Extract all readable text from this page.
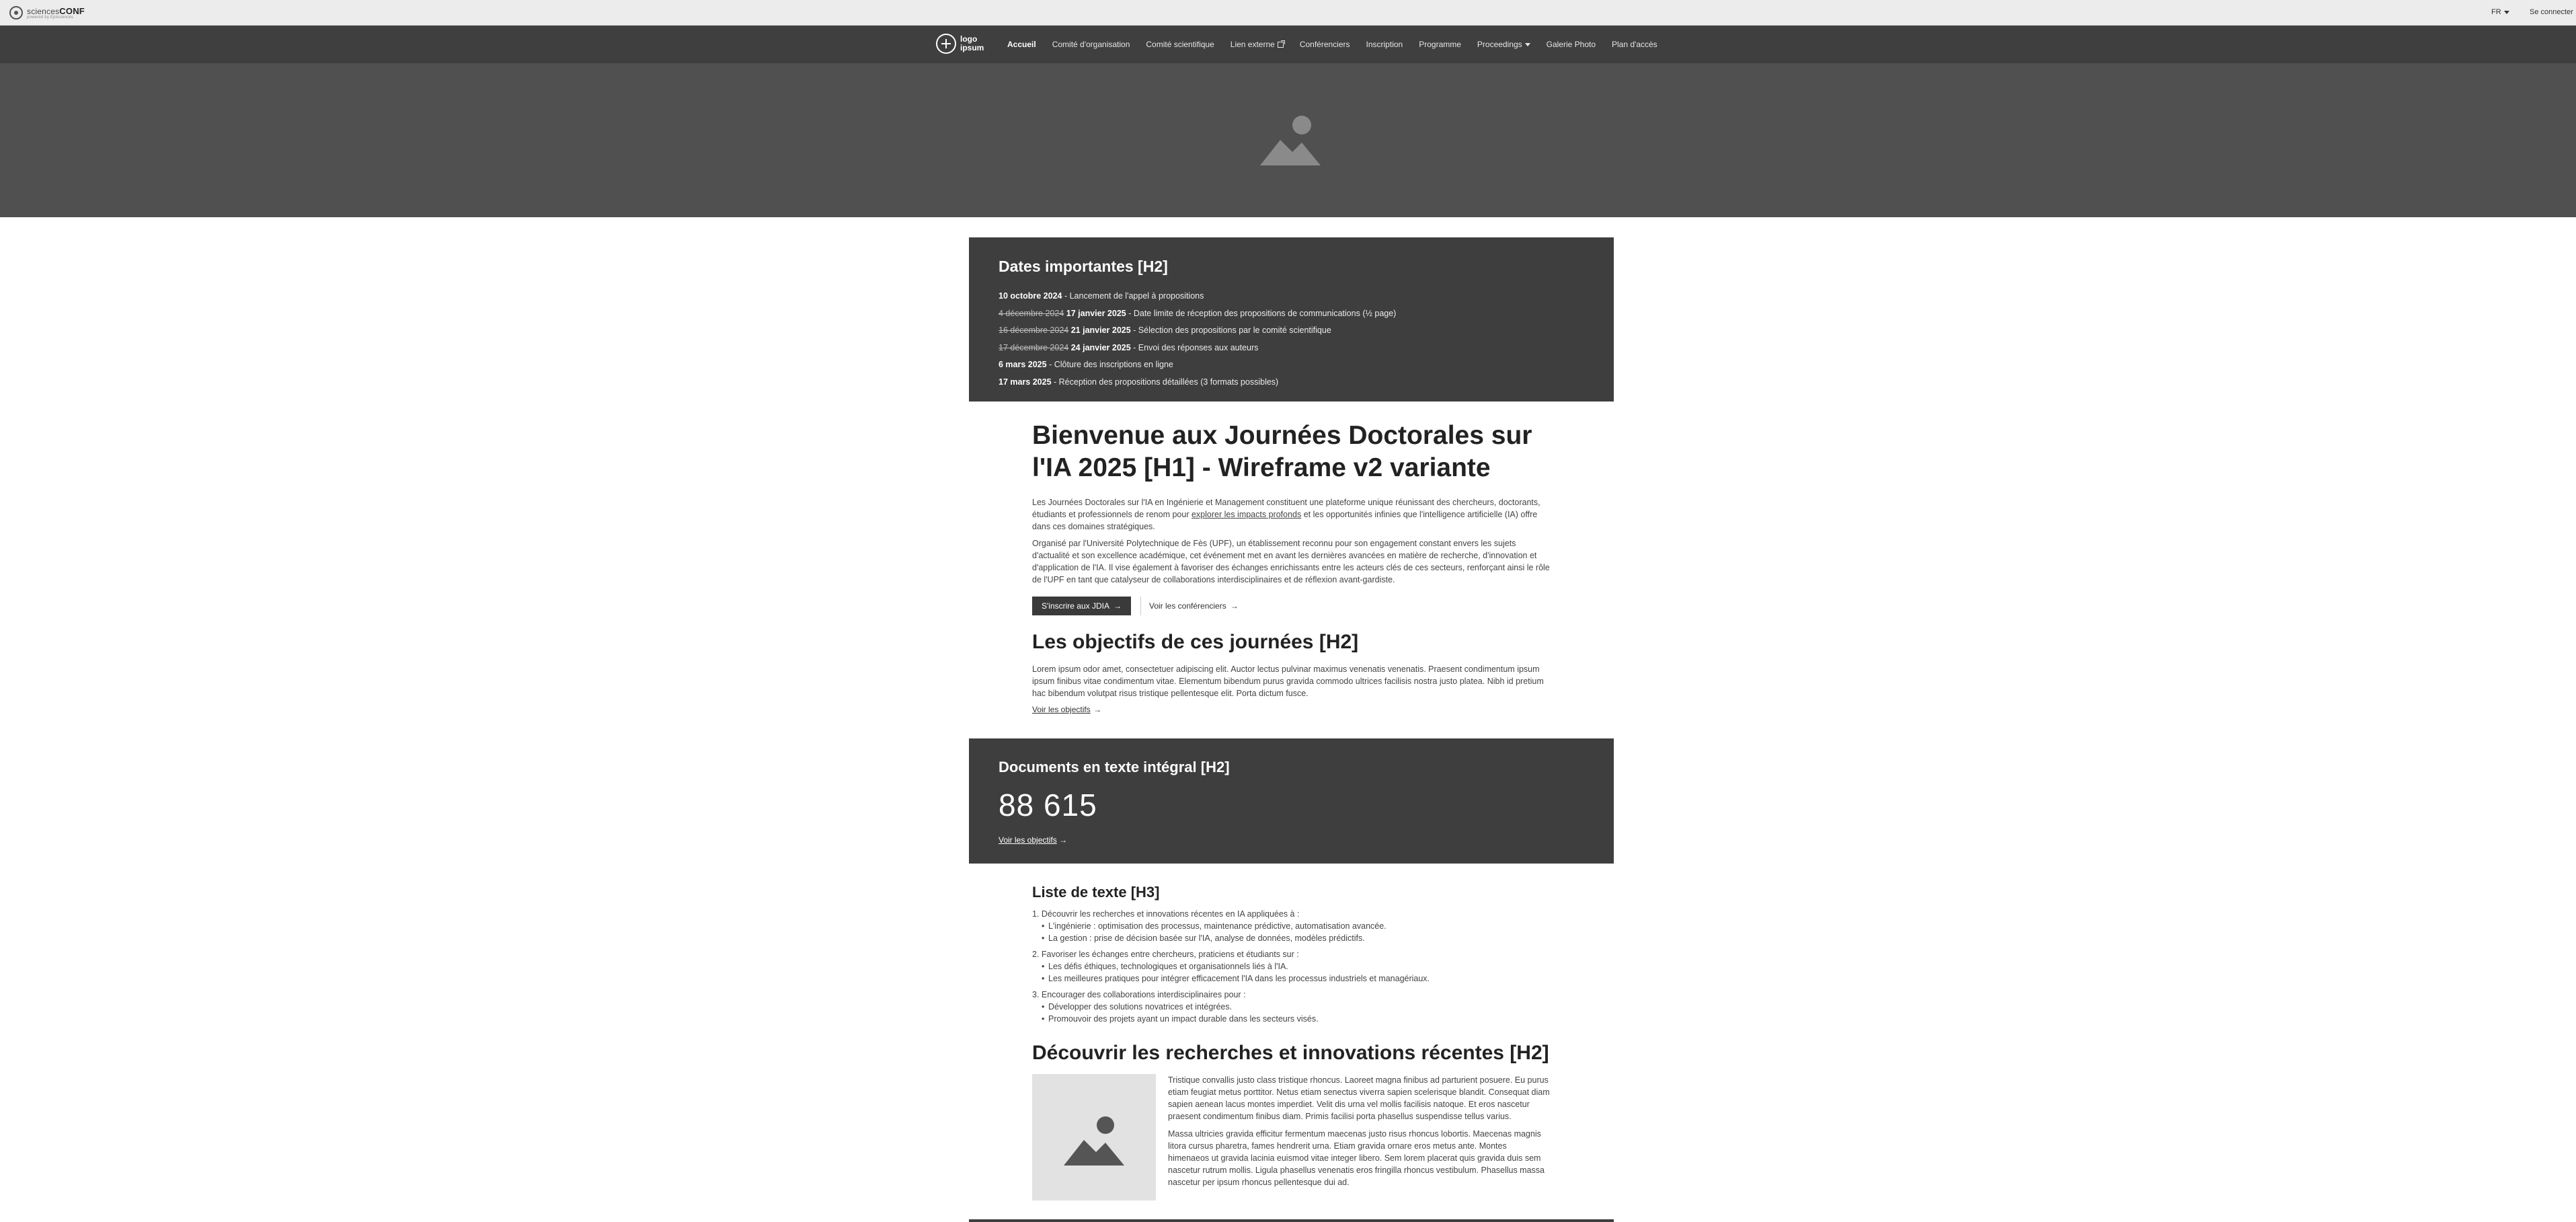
sciencesCONF
powered by Episciences
FR	Se connecter
logo
ipsum	Accueil Comité d'organisation Comité scientifique Lien externe	Conférenciers Inscription Programme Proceedings	Galerie Photo Plan d'accès
Dates importantes [H2]
10 octobre 2024 - Lancement de l'appel à propositions
4 décembre 2024 17 janvier 2025 - Date limite de réception des propositions de communications (½ page)
16 décembre 2024 21 janvier 2025 - Sélection des propositions par le comité scientifique
17 décembre 2024 24 janvier 2025 - Envoi des réponses aux auteurs
6 mars 2025 - Clôture des inscriptions en ligne
17 mars 2025 - Réception des propositions détaillées (3 formats possibles)
Bienvenue aux Journées Doctorales sur l'IA 2025 [H1] - Wireframe v2 variante

Les Journées Doctorales sur l'IA en Ingénierie et Management constituent une plateforme unique réunissant des chercheurs, doctorants, étudiants et professionnels de renom pour explorer les impacts profonds et les opportunités infinies que l'intelligence artificielle (IA) offre dans ces domaines stratégiques.

Organisé par l'Université Polytechnique de Fès (UPF), un établissement reconnu pour son engagement constant envers les sujets d'actualité et son excellence académique, cet événement met en avant les dernières avancées en matière de recherche, d'innovation et d'application de l'IA. Il vise également à favoriser des échanges enrichissants entre les acteurs clés de ces secteurs, renforçant ainsi le rôle de l'UPF en tant que catalyseur de collaborations interdisciplinaires et de réflexion avant-gardiste.

S'inscrire aux JDIA →	Voir les conférenciers →
Les objectifs de ces journées [H2]

Lorem ipsum odor amet, consectetuer adipiscing elit. Auctor lectus pulvinar maximus venenatis venenatis. Praesent condimentum ipsum ipsum finibus vitae condimentum vitae. Elementum bibendum purus gravida commodo ultrices facilisis nostra justo platea. Nibh id pretium hac bibendum volutpat risus tristique pellentesque elit. Porta dictum fusce.

Voir les objectifs →
Documents en texte intégral [H2]
88 615
Voir les objectifs →
Liste de texte [H3]
1. Découvrir les recherches et innovations récentes en IA appliquées à :
• L'ingénierie : optimisation des processus, maintenance prédictive, automatisation avancée.
• La gestion : prise de décision basée sur l'IA, analyse de données, modèles prédictifs.
2. Favoriser les échanges entre chercheurs, praticiens et étudiants sur :
• Les défis éthiques, technologiques et organisationnels liés à l'IA.
• Les meilleures pratiques pour intégrer efficacement l'IA dans les processus industriels et managériaux.
3. Encourager des collaborations interdisciplinaires pour :
• Développer des solutions novatrices et intégrées.
• Promouvoir des projets ayant un impact durable dans les secteurs visés.
Découvrir les recherches et innovations récentes [H2]

Tristique convallis justo class tristique rhoncus. Laoreet magna finibus ad parturient posuere. Eu purus etiam feugiat metus porttitor. Netus etiam senectus viverra sapien scelerisque blandit. Consequat diam sapien aenean lacus montes imperdiet. Velit dis urna vel mollis facilisis natoque. Et eros nascetur praesent condimentum finibus diam. Primis facilisi porta phasellus suspendisse tellus varius.

Massa ultricies gravida efficitur fermentum maecenas justo risus rhoncus lobortis. Maecenas magnis litora cursus pharetra, fames hendrerit urna. Etiam gravida ornare eros metus ante. Montes himenaeos ut gravida lacinia euismod vitae integer libero. Sem lorem placerat quis gravida duis sem nascetur rutrum mollis. Ligula phasellus venenatis eros fringilla rhoncus vestibulum. Phasellus massa nascetur per ipsum rhoncus pellentesque dui ad.
